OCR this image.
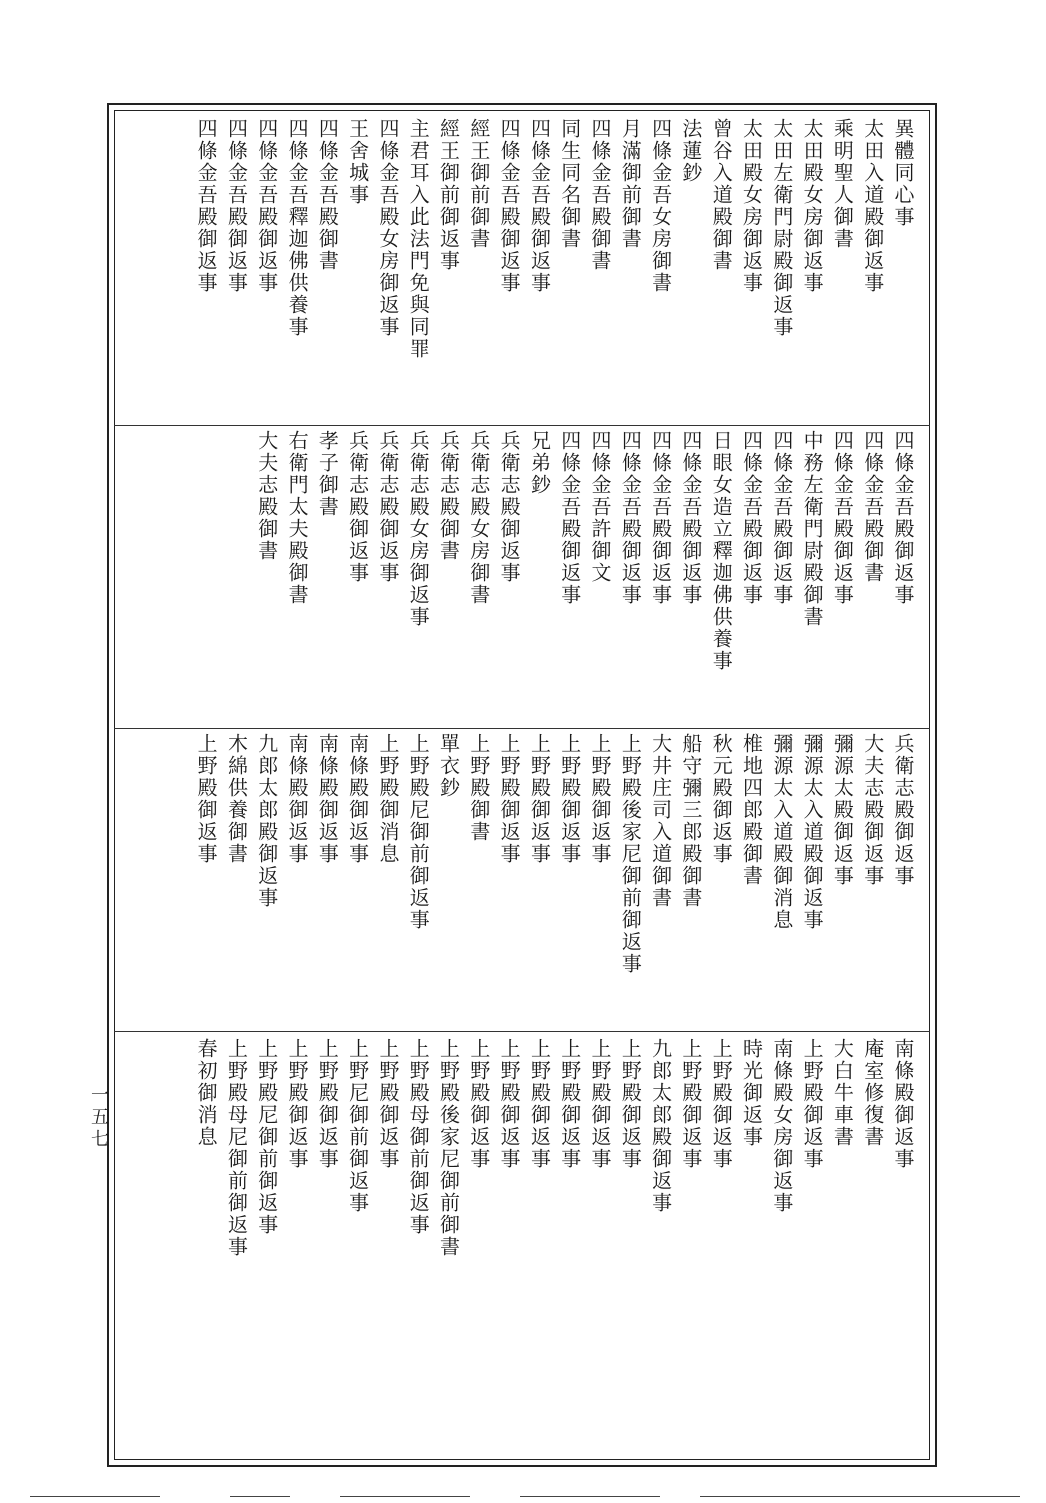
異體同心事
太田入道殿御返事
乘明聖人御書
太田殿女房御返事
太田左衛門尉殿御返事
太田殿女房御返事
曾谷入道殿御書
法蓮鈔
四條金吾女房御書
月滿御前御書
四條金吾殿御書
同生同名御書
四條金吾殿御返事
四條金吾殿御返事
經王御前御書
經王御前御返事
主君耳入此法門免與同罪
四條金吾殿女房御返事
王舍城事
四條金吾殿御書
四條金吾釋迦佛供養事
四條金吾殿御返事
四條金吾殿御返事
四條金吾殿御返事
四條金吾殿御返事
四條金吾殿御書
四條金吾殿御返事
中務左衛門尉殿御書
四條金吾殿御返事
四條金吾殿御返事
日眼女造立釋迦佛供養事
四條金吾殿御返事
四條金吾殿御返事
四條金吾殿御返事
四條金吾許御文
四條金吾殿御返事
兄弟鈔
兵衛志殿御返事
兵衛志殿女房御書
兵衛志殿御書
兵衛志殿女房御返事
兵衛志殿御返事
兵衛志殿御返事
孝子御書
右衛門太夫殿御書
大夫志殿御書
兵衛志殿御返事
大夫志殿御返事
彌源太殿御返事
彌源太入道殿御返事
彌源太入道殿御消息
椎地四郎殿御書
秋元殿御返事
船守彌三郎殿御書
大井庄司入道御書
上野殿後家尼御前御返事
上野殿御返事
上野殿御返事
上野殿御返事
上野殿御返事
上野殿御書
單衣鈔
上野殿尼御前御返事
上野殿御消息
南條殿御返事
南條殿御返事
南條殿御返事
九郎太郎殿御返事
木綿供養御書
上野殿御返事
南條殿御返事
庵室修復書
大白牛車書
上野殿御返事
南條殿女房御返事
時光御返事
上野殿御返事
上野殿御返事
九郎太郎殿御返事
上野殿御返事
上野殿御返事
上野殿御返事
上野殿御返事
上野殿御返事
上野殿御返事
上野殿後家尼御前御書
上野殿母御前御返事
上野殿御返事
上野尼御前御返事
上野殿御返事
上野殿御返事
上野殿尼御前御返事
上野殿母尼御前御返事
春初御消息
一五七
